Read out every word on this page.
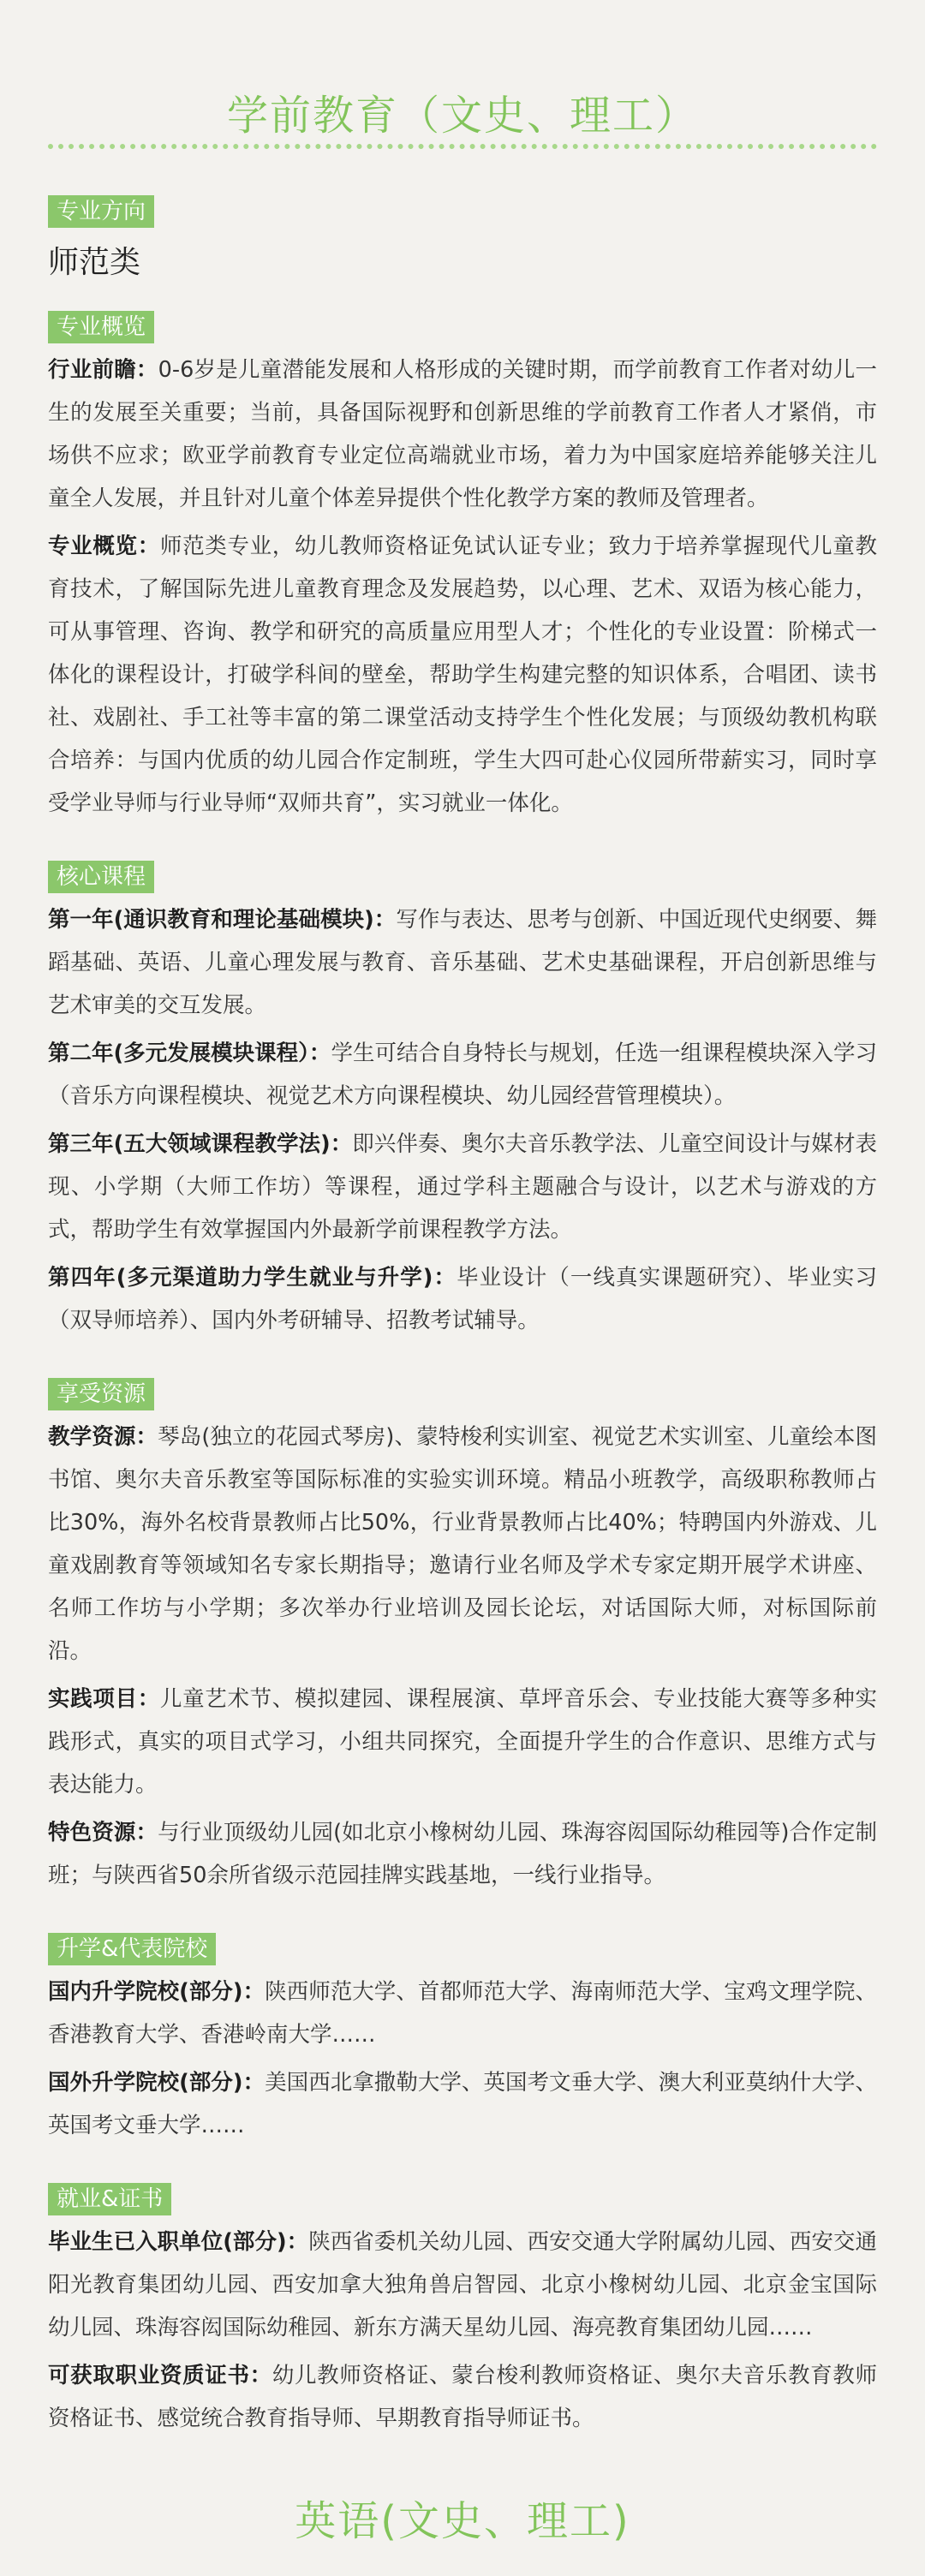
学前教育（文史、理工）
专业方向
师范类
专业概览

行业前瞻：0-6岁是儿童潜能发展和人格形成的关键时期，而学前教育工作者对幼儿一生的发展至关重要；当前，具备国际视野和创新思维的学前教育工作者人才紧俏，市场供不应求；欧亚学前教育专业定位高端就业市场，着力为中国家庭培养能够关注儿童全人发展，并且针对儿童个体差异提供个性化教学方案的教师及管理者。

专业概览：师范类专业，幼儿教师资格证免试认证专业；致力于培养掌握现代儿童教育技术，了解国际先进儿童教育理念及发展趋势，以心理、艺术、双语为核心能力，可从事管理、咨询、教学和研究的高质量应用型人才；个性化的专业设置：阶梯式一体化的课程设计，打破学科间的壁垒，帮助学生构建完整的知识体系，合唱团、读书社、戏剧社、手工社等丰富的第二课堂活动支持学生个性化发展；与顶级幼教机构联合培养：与国内优质的幼儿园合作定制班，学生大四可赴心仪园所带薪实习，同时享受学业导师与行业导师“双师共育”，实习就业一体化。

核心课程

第一年(通识教育和理论基础模块)：写作与表达、思考与创新、中国近现代史纲要、舞蹈基础、英语、儿童心理发展与教育、音乐基础、艺术史基础课程，开启创新思维与艺术审美的交互发展。

第二年(多元发展模块课程）：学生可结合自身特长与规划，任选一组课程模块深入学习（音乐方向课程模块、视觉艺术方向课程模块、幼儿园经营管理模块）。

第三年(五大领域课程教学法)：即兴伴奏、奥尔夫音乐教学法、儿童空间设计与媒材表现、小学期（大师工作坊）等课程，通过学科主题融合与设计，以艺术与游戏的方式，帮助学生有效掌握国内外最新学前课程教学方法。

第四年(多元渠道助力学生就业与升学)：毕业设计（一线真实课题研究）、毕业实习（双导师培养）、国内外考研辅导、招教考试辅导。

享受资源

教学资源：琴岛(独立的花园式琴房)、蒙特梭利实训室、视觉艺术实训室、儿童绘本图书馆、奥尔夫音乐教室等国际标准的实验实训环境。精品小班教学，高级职称教师占比30%，海外名校背景教师占比50%，行业背景教师占比40%；特聘国内外游戏、儿童戏剧教育等领域知名专家长期指导；邀请行业名师及学术专家定期开展学术讲座、名师工作坊与小学期；多次举办行业培训及园长论坛，对话国际大师，对标国际前沿。

实践项目：儿童艺术节、模拟建园、课程展演、草坪音乐会、专业技能大赛等多种实践形式，真实的项目式学习，小组共同探究，全面提升学生的合作意识、思维方式与表达能力。

特色资源：与行业顶级幼儿园(如北京小橡树幼儿园、珠海容闳国际幼稚园等)合作定制班；与陕西省50余所省级示范园挂牌实践基地，一线行业指导。

升学&代表院校

国内升学院校(部分)：陕西师范大学、首都师范大学、海南师范大学、宝鸡文理学院、香港教育大学、香港岭南大学……

国外升学院校(部分)：美国西北拿撒勒大学、英国考文垂大学、澳大利亚莫纳什大学、英国考文垂大学……

就业&证书

毕业生已入职单位(部分)：陕西省委机关幼儿园、西安交通大学附属幼儿园、西安交通阳光教育集团幼儿园、西安加拿大独角兽启智园、北京小橡树幼儿园、北京金宝国际幼儿园、珠海容闳国际幼稚园、新东方满天星幼儿园、海亮教育集团幼儿园……

可获取职业资质证书：幼儿教师资格证、蒙台梭利教师资格证、奥尔夫音乐教育教师资格证书、感觉统合教育指导师、早期教育指导师证书。

英语(文史、理工)
